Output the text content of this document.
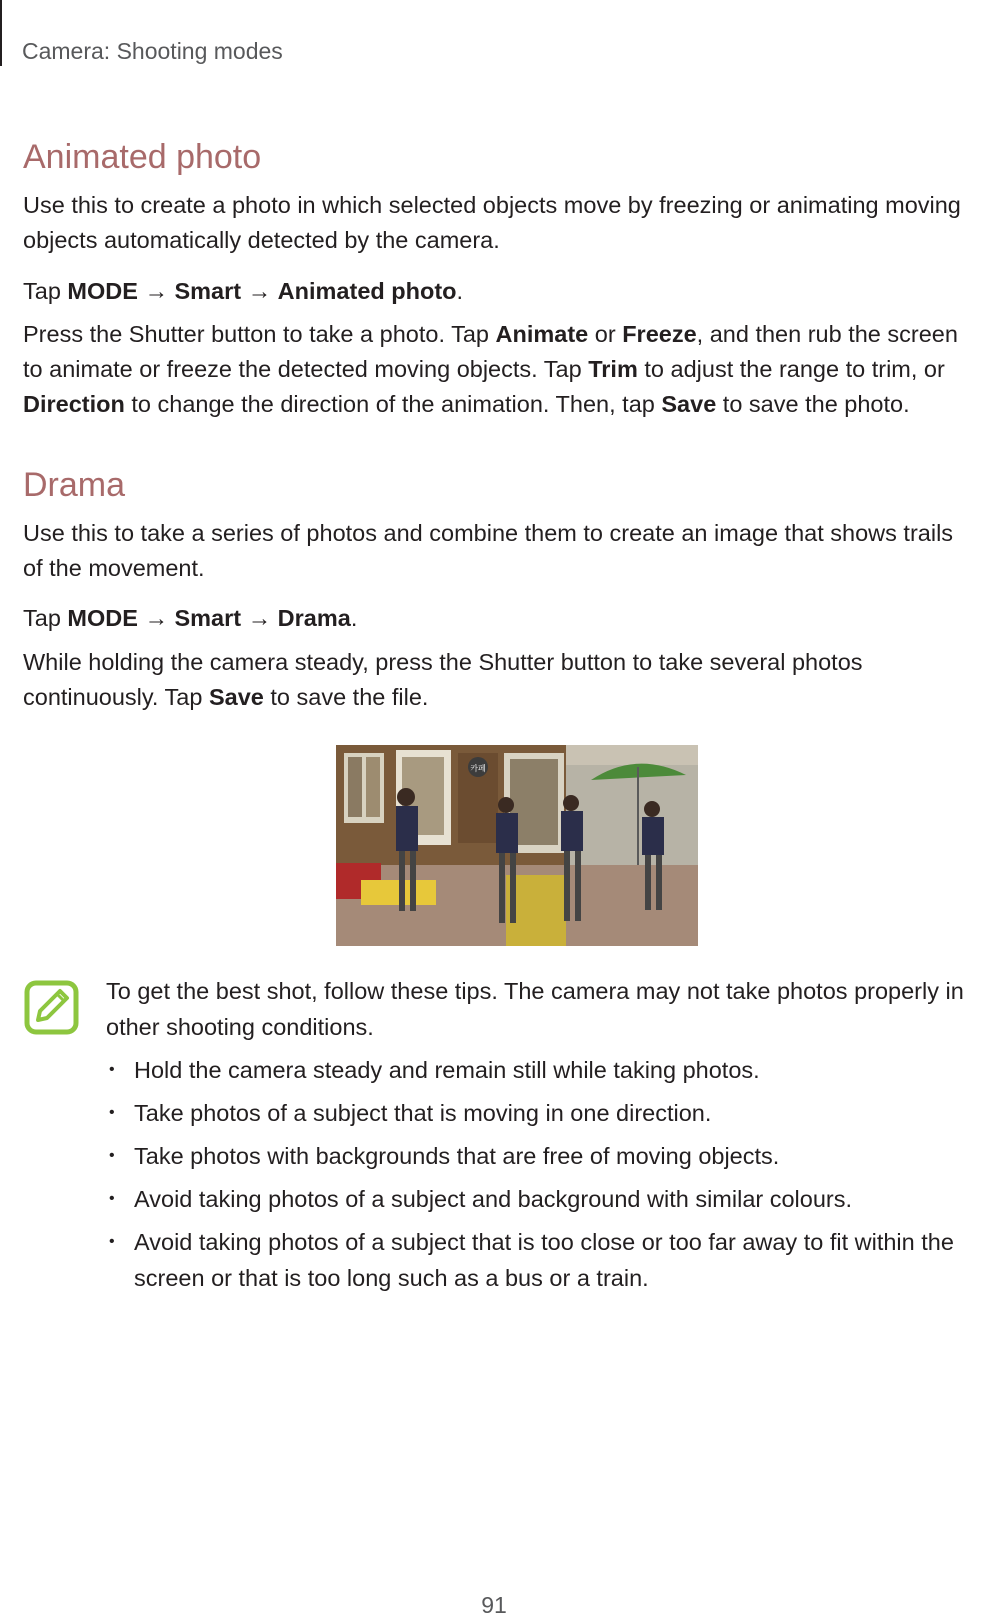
Camera: Shooting modes
Animated photo
Use this to create a photo in which selected objects move by freezing or animating moving objects automatically detected by the camera.
Tap MODE → Smart → Animated photo.
Press the Shutter button to take a photo. Tap Animate or Freeze, and then rub the screen to animate or freeze the detected moving objects. Tap Trim to adjust the range to trim, or Direction to change the direction of the animation. Then, tap Save to save the photo.
Drama
Use this to take a series of photos and combine them to create an image that shows trails of the movement.
Tap MODE → Smart → Drama.
While holding the camera steady, press the Shutter button to take several photos continuously. Tap Save to save the file.
카페
To get the best shot, follow these tips. The camera may not take photos properly in other shooting conditions.
• Hold the camera steady and remain still while taking photos.
• Take photos of a subject that is moving in one direction.
• Take photos with backgrounds that are free of moving objects.
• Avoid taking photos of a subject and background with similar colours.
• Avoid taking photos of a subject that is too close or too far away to fit within the screen or that is too long such as a bus or a train.
91
